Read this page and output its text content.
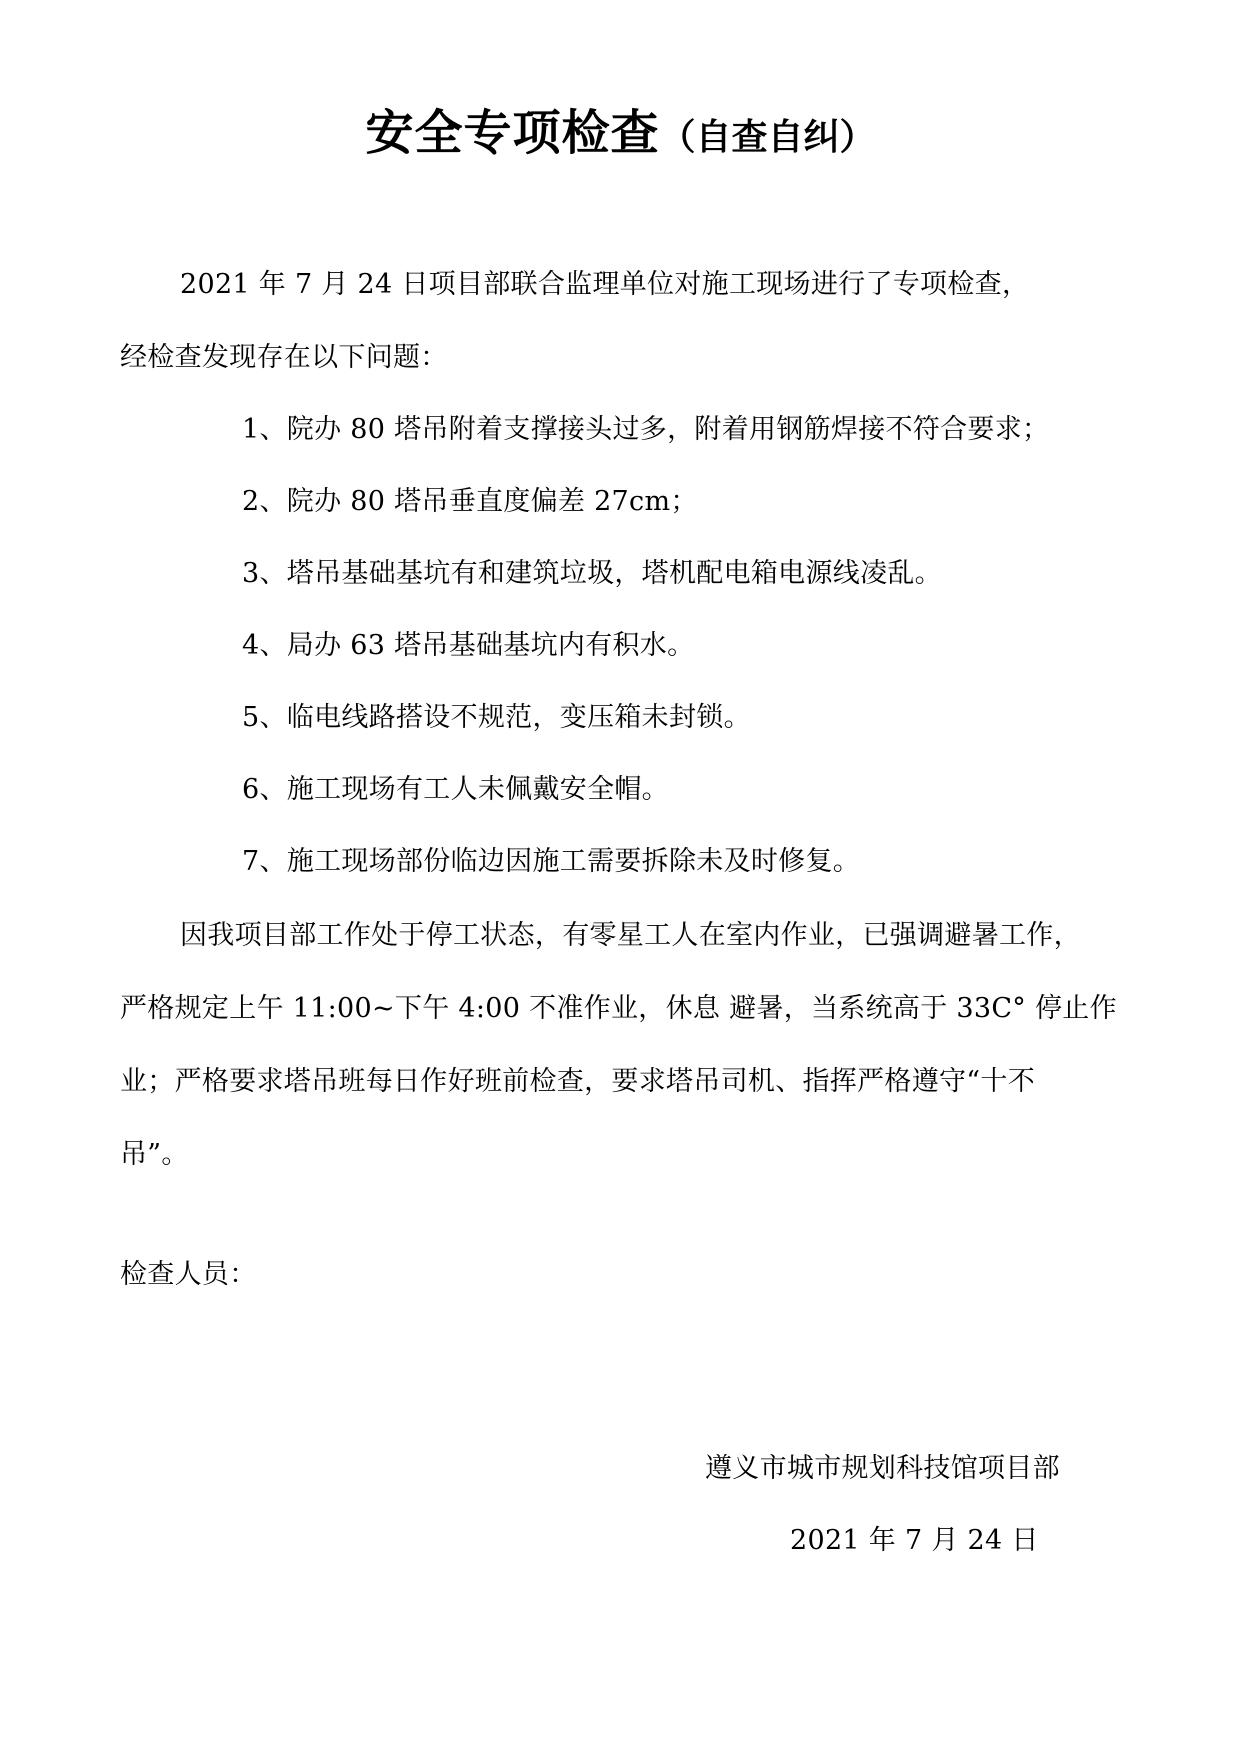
安全专项检查（自查自纠）
2021 年 7 月 24 日项目部联合监理单位对施工现场进行了专项检查，
经检查发现存在以下问题：
1、院办 80 塔吊附着支撑接头过多，附着用钢筋焊接不符合要求；
2、院办 80 塔吊垂直度偏差 27cm；
3、塔吊基础基坑有和建筑垃圾，塔机配电箱电源线凌乱。
4、局办 63 塔吊基础基坑内有积水。
5、临电线路搭设不规范，变压箱未封锁。
6、施工现场有工人未佩戴安全帽。
7、施工现场部份临边因施工需要拆除未及时修复。
因我项目部工作处于停工状态，有零星工人在室内作业，已强调避暑工作，
严格规定上午 11:00~下午 4:00 不准作业，休息 避暑，当系统高于 33C° 停止作
业；严格要求塔吊班每日作好班前检查，要求塔吊司机、指挥严格遵守“十不
吊”。
检查人员：
遵义市城市规划科技馆项目部
2021 年 7 月 24 日
